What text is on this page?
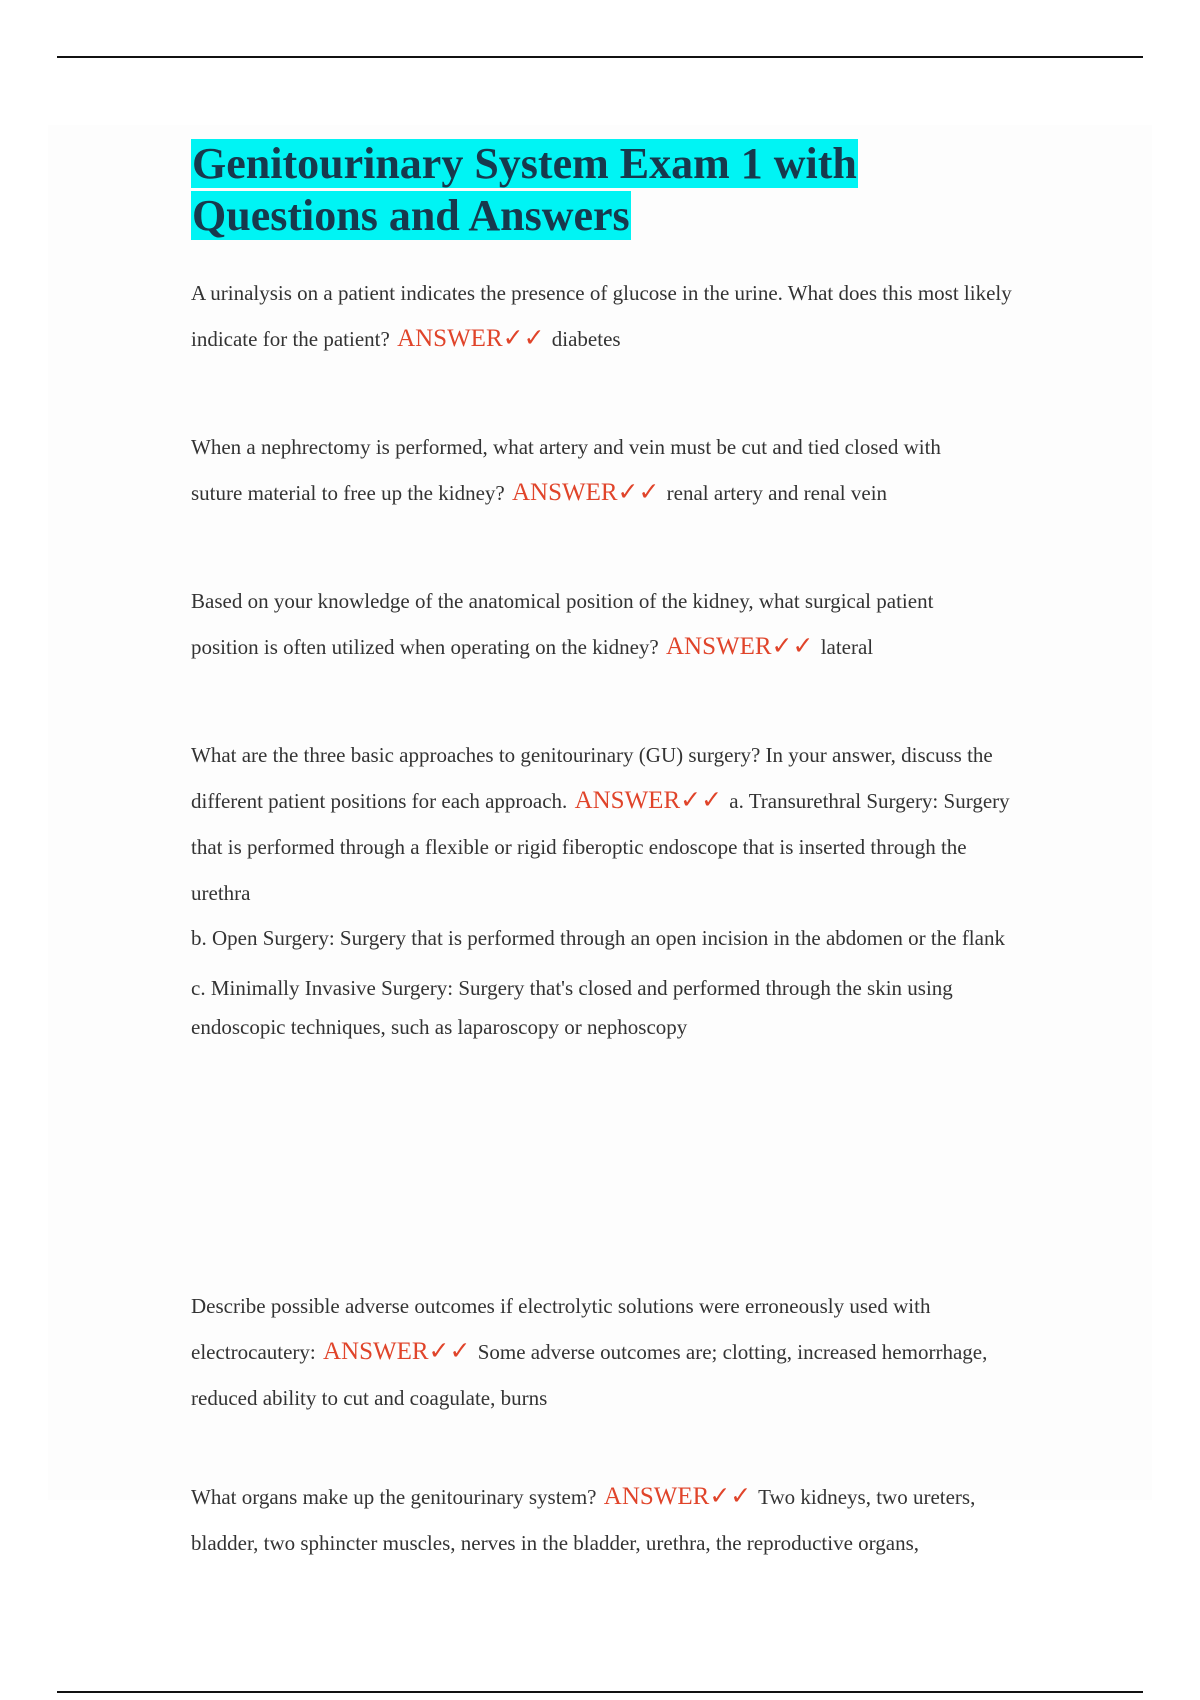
Genitourinary System Exam 1 with
Questions and Answers

A urinalysis on a patient indicates the presence of glucose in the urine. What does this most likely indicate for the patient? ANSWER✓✓ diabetes

When a nephrectomy is performed, what artery and vein must be cut and tied closed with suture material to free up the kidney? ANSWER✓✓ renal artery and renal vein

Based on your knowledge of the anatomical position of the kidney, what surgical patient position is often utilized when operating on the kidney? ANSWER✓✓ lateral

What are the three basic approaches to genitourinary (GU) surgery? In your answer, discuss the different patient positions for each approach. ANSWER✓✓ a. Transurethral Surgery: Surgery that is performed through a flexible or rigid fiberoptic endoscope that is inserted through the urethra

b. Open Surgery: Surgery that is performed through an open incision in the abdomen or the flank

c. Minimally Invasive Surgery: Surgery that's closed and performed through the skin using endoscopic techniques, such as laparoscopy or nephoscopy

Describe possible adverse outcomes if electrolytic solutions were erroneously used with electrocautery: ANSWER✓✓ Some adverse outcomes are; clotting, increased hemorrhage, reduced ability to cut and coagulate, burns

What organs make up the genitourinary system? ANSWER✓✓ Two kidneys, two ureters, bladder, two sphincter muscles, nerves in the bladder, urethra, the reproductive organs,
